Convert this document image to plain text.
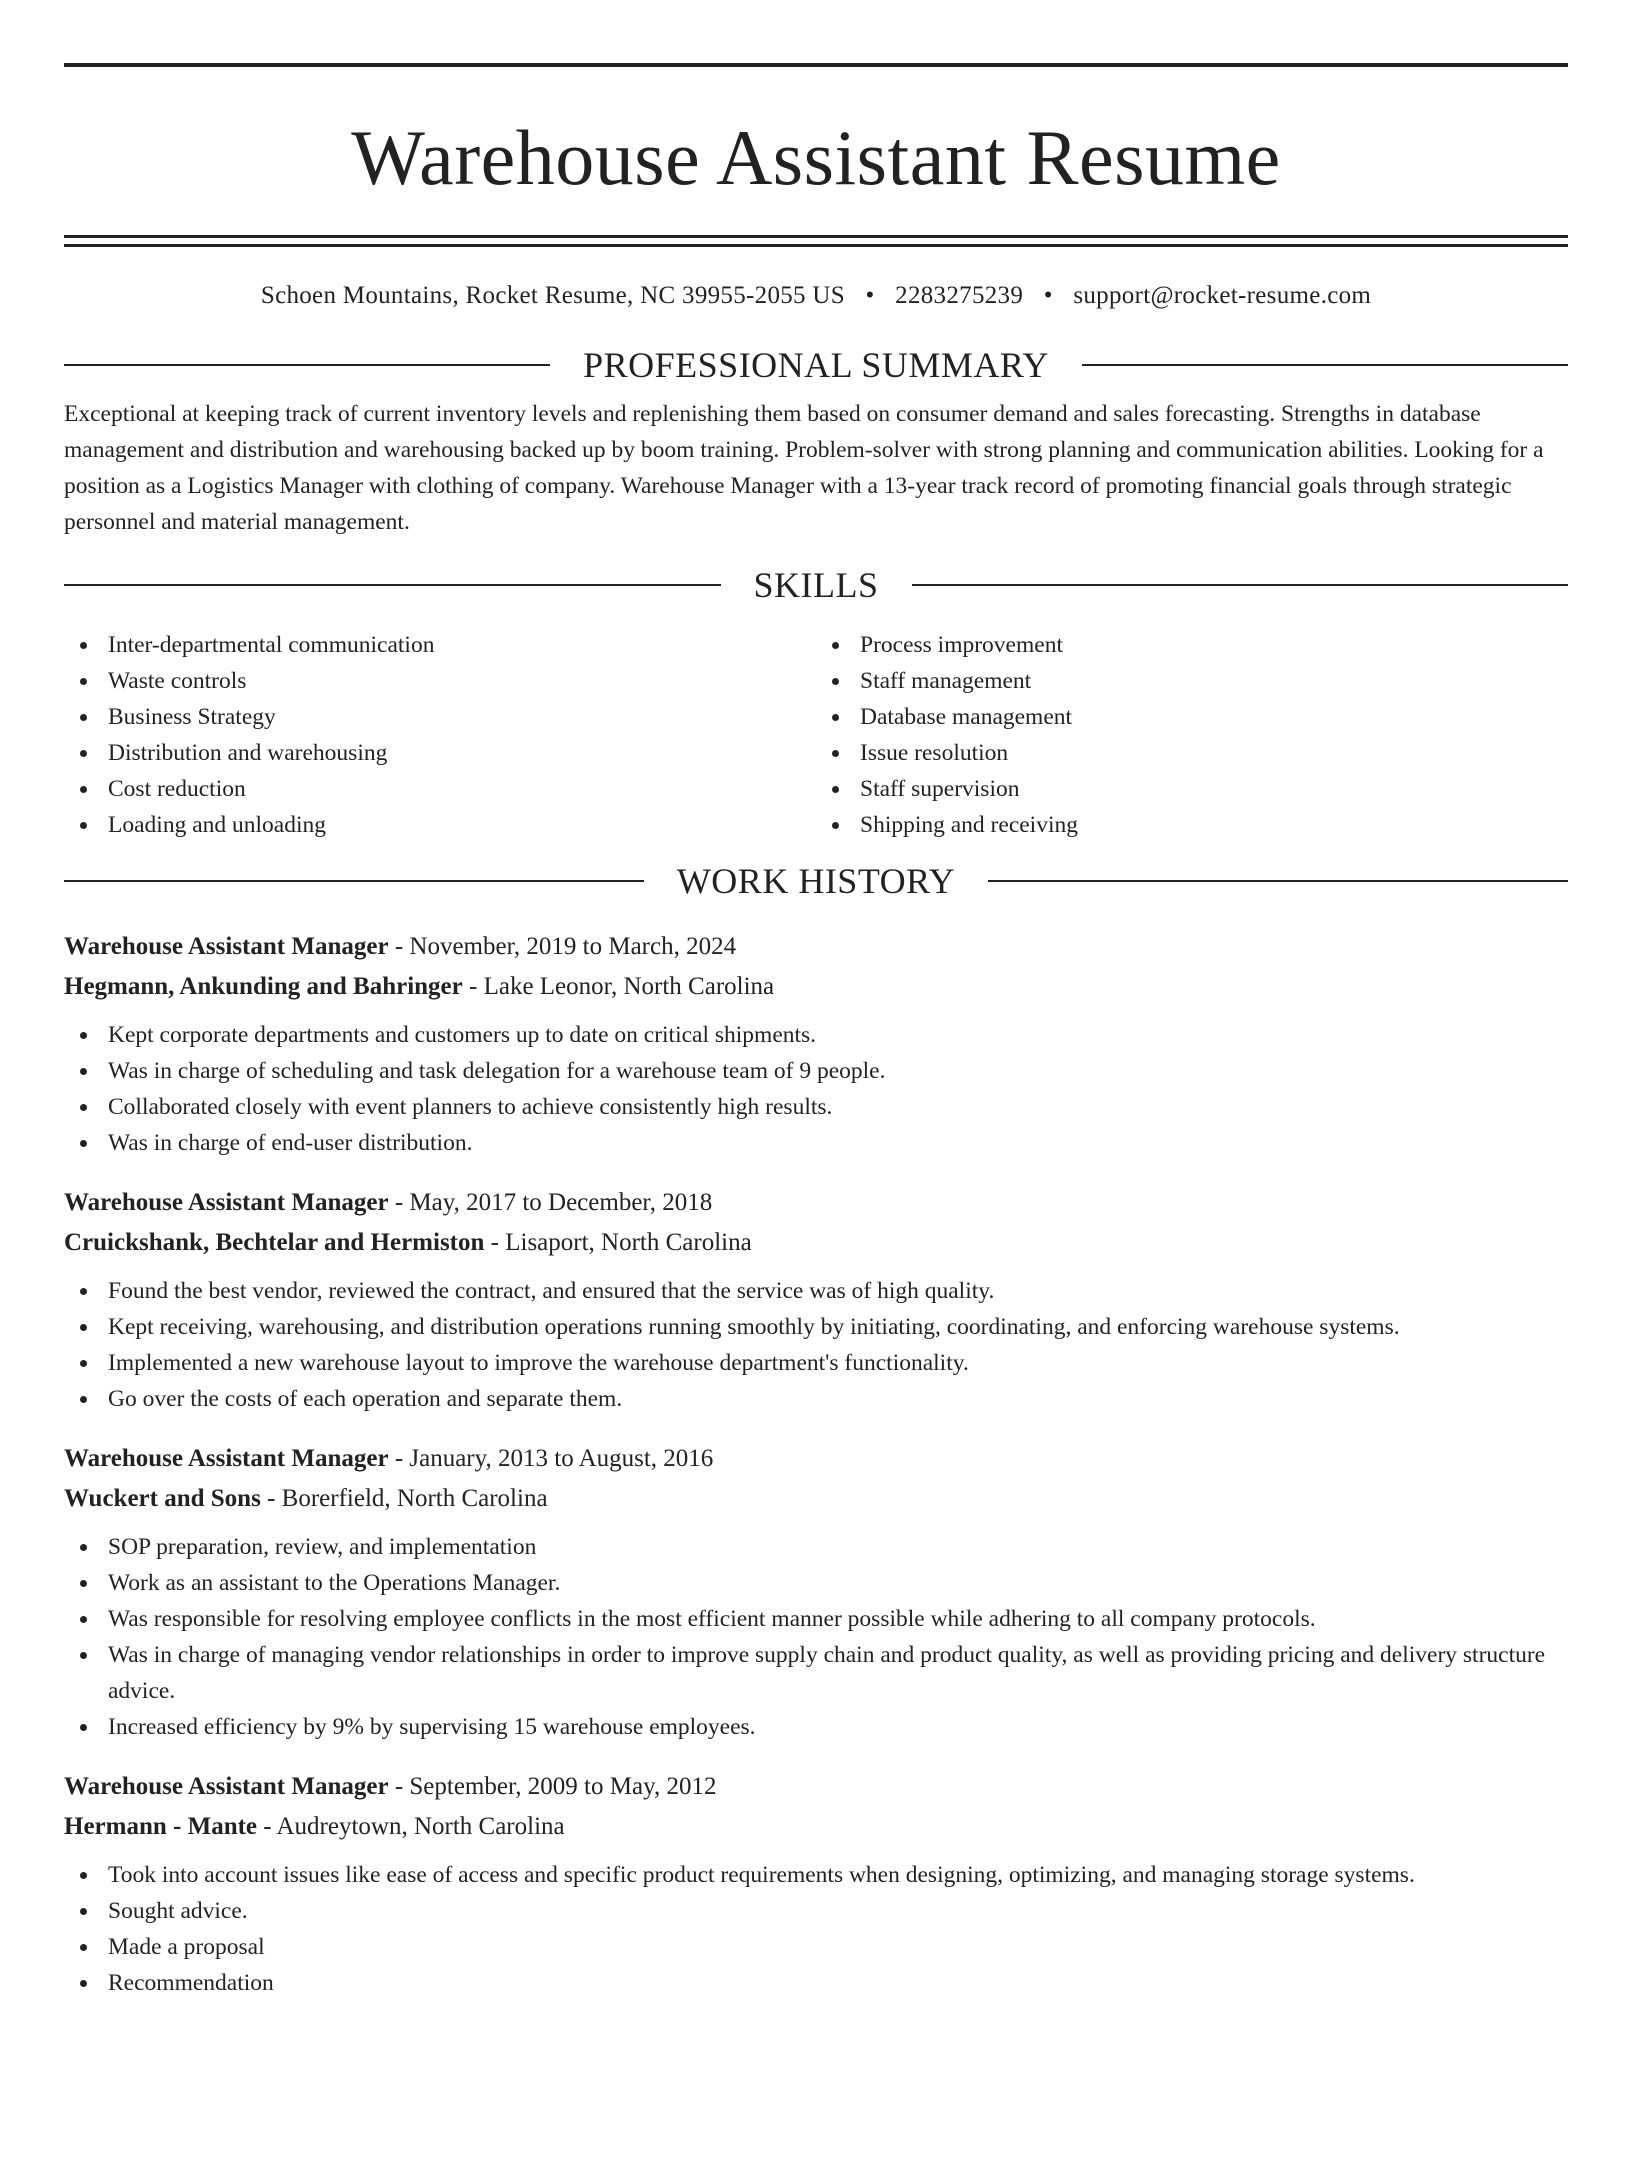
Warehouse Assistant Resume
Schoen Mountains, Rocket Resume, NC 39955-2055 US • 2283275239 • support@rocket-resume.com
PROFESSIONAL SUMMARY
Exceptional at keeping track of current inventory levels and replenishing them based on consumer demand and sales forecasting. Strengths in database management and distribution and warehousing backed up by boom training. Problem-solver with strong planning and communication abilities. Looking for a position as a Logistics Manager with clothing of company. Warehouse Manager with a 13-year track record of promoting financial goals through strategic personnel and material management.
SKILLS
Inter-departmental communication
Waste controls
Business Strategy
Distribution and warehousing
Cost reduction
Loading and unloading
Process improvement
Staff management
Database management
Issue resolution
Staff supervision
Shipping and receiving
WORK HISTORY
Warehouse Assistant Manager - November, 2019 to March, 2024
Hegmann, Ankunding and Bahringer - Lake Leonor, North Carolina
Kept corporate departments and customers up to date on critical shipments.
Was in charge of scheduling and task delegation for a warehouse team of 9 people.
Collaborated closely with event planners to achieve consistently high results.
Was in charge of end-user distribution.
Warehouse Assistant Manager - May, 2017 to December, 2018
Cruickshank, Bechtelar and Hermiston - Lisaport, North Carolina
Found the best vendor, reviewed the contract, and ensured that the service was of high quality.
Kept receiving, warehousing, and distribution operations running smoothly by initiating, coordinating, and enforcing warehouse systems.
Implemented a new warehouse layout to improve the warehouse department's functionality.
Go over the costs of each operation and separate them.
Warehouse Assistant Manager - January, 2013 to August, 2016
Wuckert and Sons - Borerfield, North Carolina
SOP preparation, review, and implementation
Work as an assistant to the Operations Manager.
Was responsible for resolving employee conflicts in the most efficient manner possible while adhering to all company protocols.
Was in charge of managing vendor relationships in order to improve supply chain and product quality, as well as providing pricing and delivery structure advice.
Increased efficiency by 9% by supervising 15 warehouse employees.
Warehouse Assistant Manager - September, 2009 to May, 2012
Hermann - Mante - Audreytown, North Carolina
Took into account issues like ease of access and specific product requirements when designing, optimizing, and managing storage systems.
Sought advice.
Made a proposal
Recommendation
